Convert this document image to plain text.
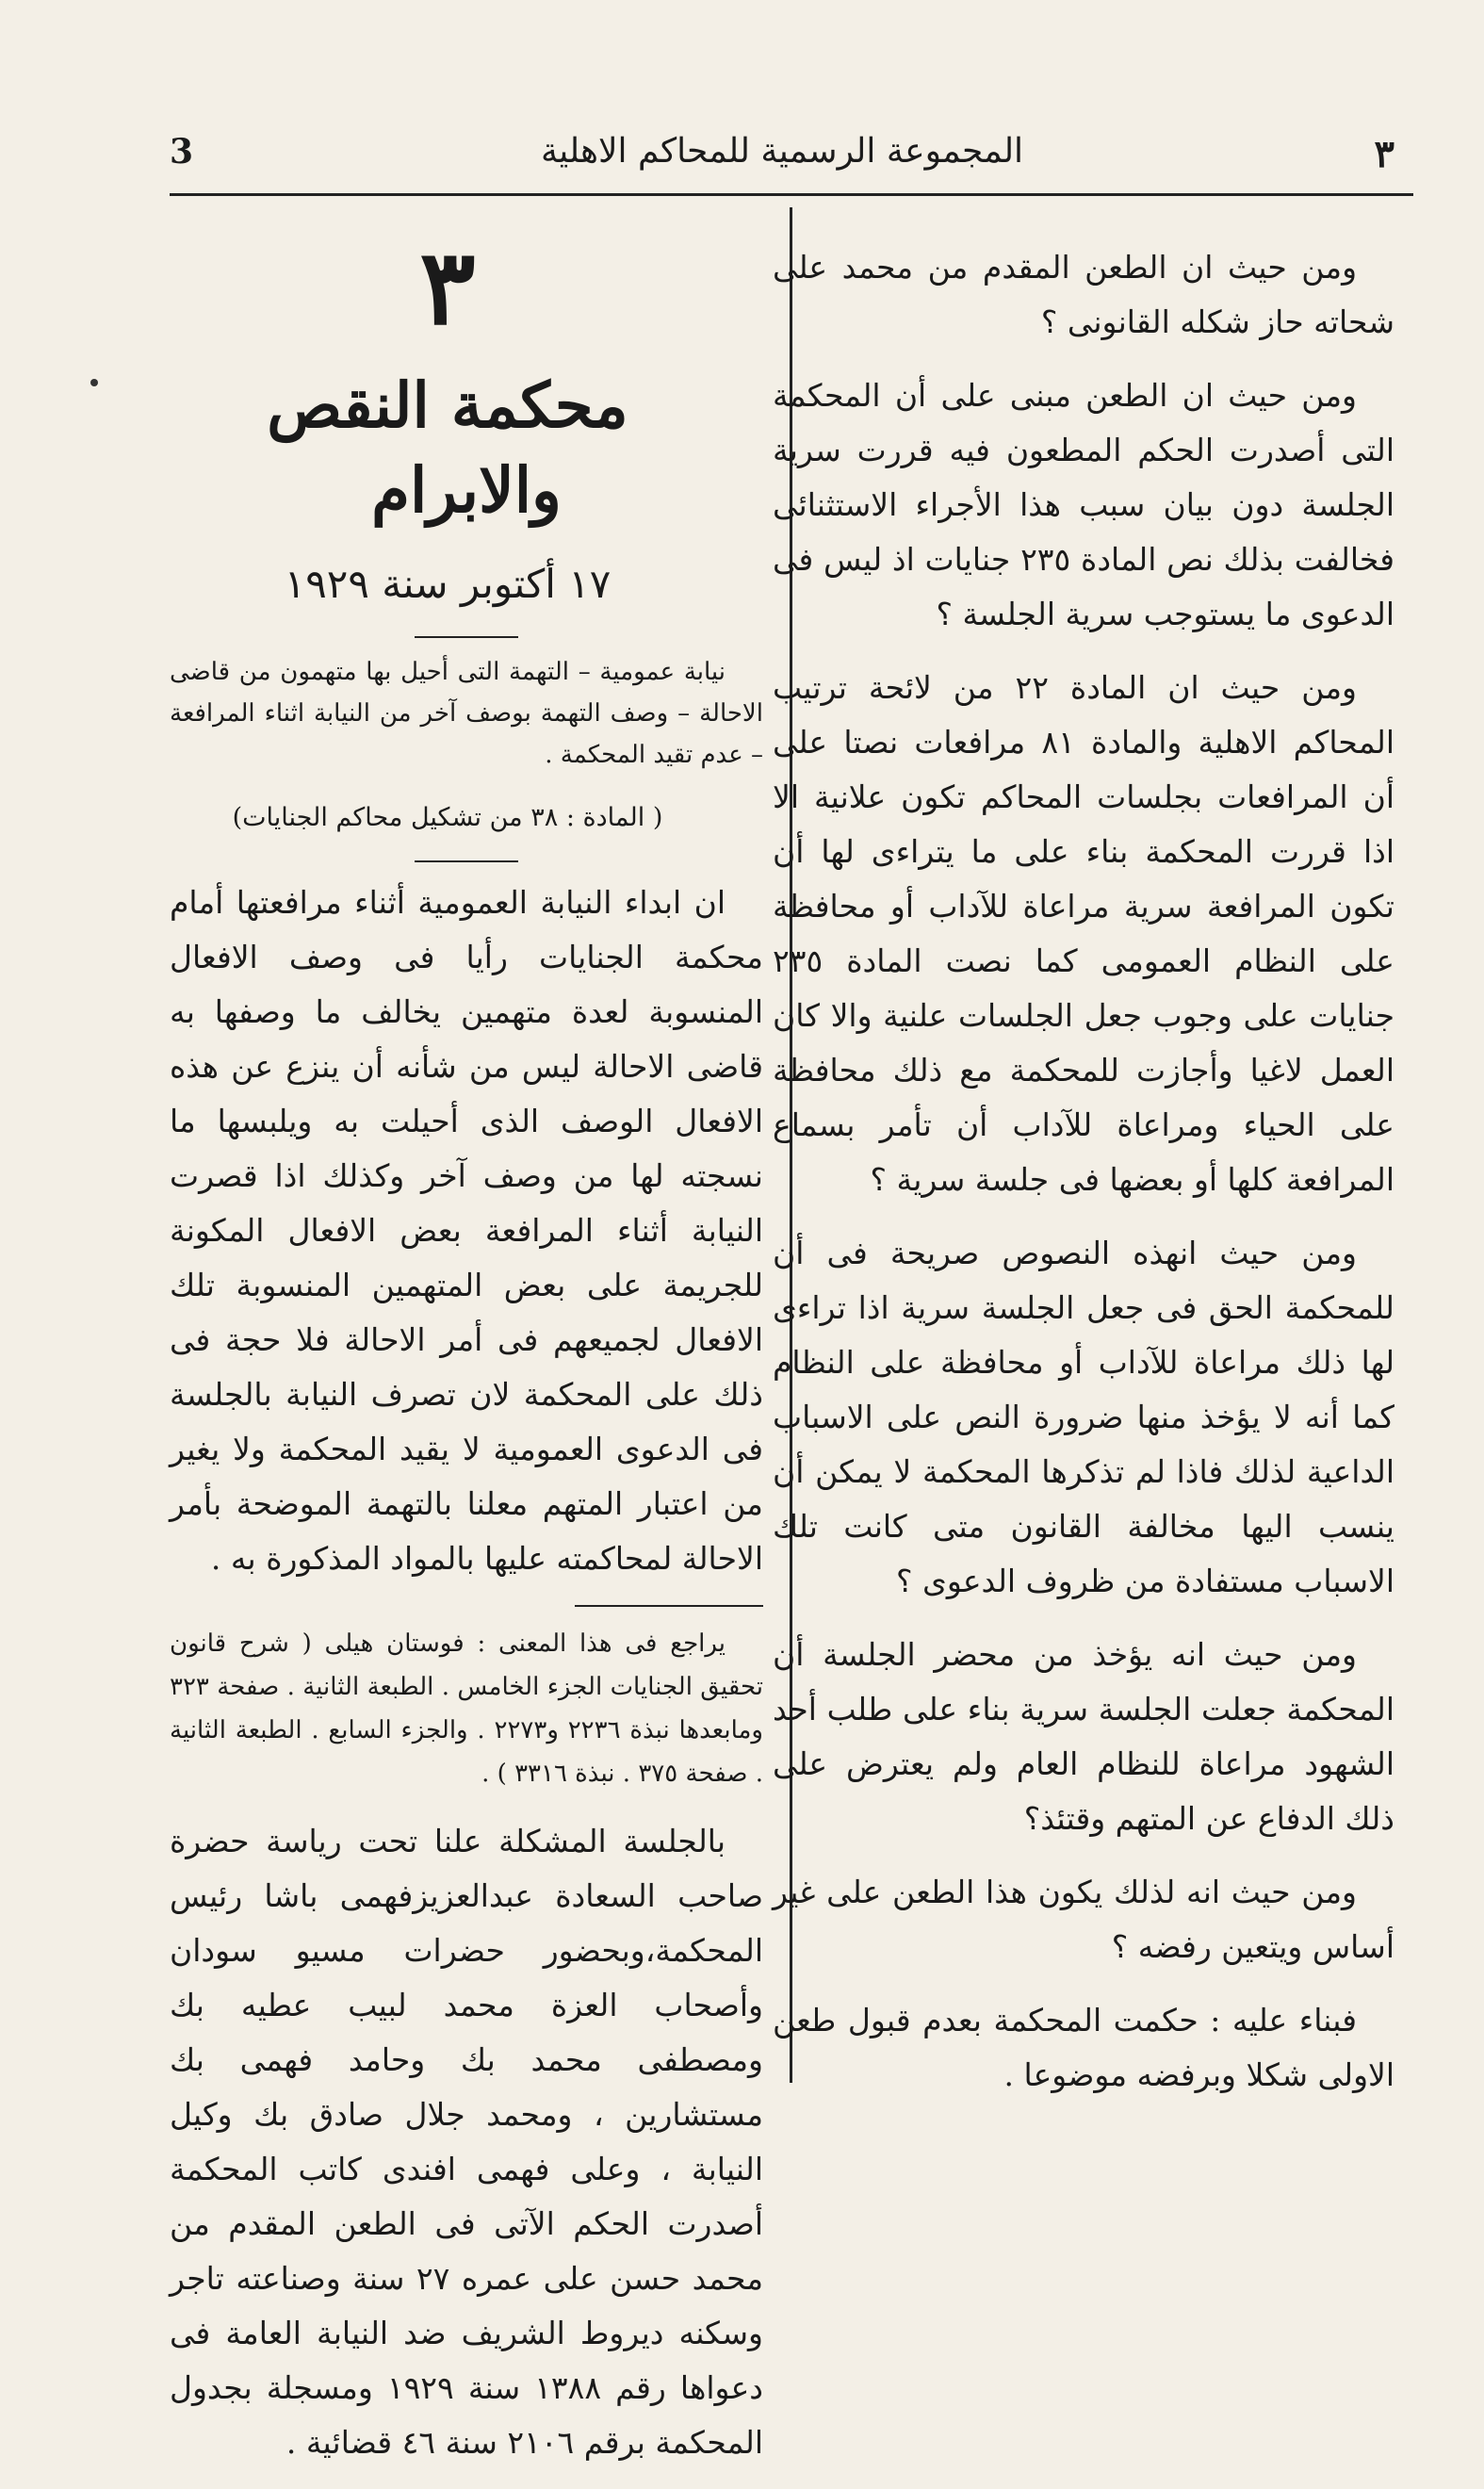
٣
المجموعة الرسمية للمحاكم الاهلية
3

ومن حيث ان الطعن المقدم من محمد على شحاته حاز شكله القانونى ؟

ومن حيث ان الطعن مبنى على أن المحكمة التى أصدرت الحكم المطعون فيه قررت سرية الجلسة دون بيان سبب هذا الأجراء الاستثنائى فخالفت بذلك نص المادة ٢٣٥ جنايات اذ ليس فى الدعوى ما يستوجب سرية الجلسة ؟

ومن حيث ان المادة ٢٢ من لائحة ترتيب المحاكم الاهلية والمادة ٨١ مرافعات نصتا على أن المرافعات بجلسات المحاكم تكون علانية الا اذا قررت المحكمة بناء على ما يتراءى لها أن تكون المرافعة سرية مراعاة للآداب أو محافظة على النظام العمومى كما نصت المادة ٢٣٥ جنايات على وجوب جعل الجلسات علنية والا كان العمل لاغيا وأجازت للمحكمة مع ذلك محافظة على الحياء ومراعاة للآداب أن تأمر بسماع المرافعة كلها أو بعضها فى جلسة سرية ؟

ومن حيث انهذه النصوص صريحة فى أن للمحكمة الحق فى جعل الجلسة سرية اذا تراءى لها ذلك مراعاة للآداب أو محافظة على النظام كما أنه لا يؤخذ منها ضرورة النص على الاسباب الداعية لذلك فاذا لم تذكرها المحكمة لا يمكن أن ينسب اليها مخالفة القانون متى كانت تلك الاسباب مستفادة من ظروف الدعوى ؟

ومن حيث انه يؤخذ من محضر الجلسة أن المحكمة جعلت الجلسة سرية بناء على طلب أحد الشهود مراعاة للنظام العام ولم يعترض على ذلك الدفاع عن المتهم وقتئذ؟

ومن حيث انه لذلك يكون هذا الطعن على غير أساس ويتعين رفضه ؟

فبناء عليه : حكمت المحكمة بعدم قبول طعن الاولى شكلا وبرفضه موضوعا .

٣

محكمة النقص والابرام

١٧ أكتوبر سنة ١٩٢٩

نيابة عمومية – التهمة التى أحيل بها متهمون من قاضى الاحالة – وصف التهمة بوصف آخر من النيابة اثناء المرافعة – عدم تقيد المحكمة .

( المادة : ٣٨ من تشكيل محاكم الجنايات)

ان ابداء النيابة العمومية أثناء مرافعتها أمام محكمة الجنايات رأيا فى وصف الافعال المنسوبة لعدة متهمين يخالف ما وصفها به قاضى الاحالة ليس من شأنه أن ينزع عن هذه الافعال الوصف الذى أحيلت به ويلبسها ما نسجته لها من وصف آخر وكذلك اذا قصرت النيابة أثناء المرافعة بعض الافعال المكونة للجريمة على بعض المتهمين المنسوبة تلك الافعال لجميعهم فى أمر الاحالة فلا حجة فى ذلك على المحكمة لان تصرف النيابة بالجلسة فى الدعوى العمومية لا يقيد المحكمة ولا يغير من اعتبار المتهم معلنا بالتهمة الموضحة بأمر الاحالة لمحاكمته عليها بالمواد المذكورة به .

يراجع فى هذا المعنى : فوستان هيلى ( شرح قانون تحقيق الجنايات الجزء الخامس . الطبعة الثانية . صفحة ٣٢٣ ومابعدها نبذة ٢٢٣٦ و٢٢٧٣ . والجزء السابع . الطبعة الثانية . صفحة ٣٧٥ . نبذة ٣٣١٦ ) .

بالجلسة المشكلة علنا تحت رياسة حضرة صاحب السعادة عبدالعزيزفهمى باشا رئيس المحكمة،وبحضور حضرات مسيو سودان وأصحاب العزة محمد لبيب عطيه بك ومصطفى محمد بك وحامد فهمى بك مستشارين ، ومحمد جلال صادق بك وكيل النيابة ، وعلى فهمى افندى كاتب المحكمة أصدرت الحكم الآتى فى الطعن المقدم من محمد حسن على عمره ٢٧ سنة وصناعته تاجر وسكنه ديروط الشريف ضد النيابة العامة فى دعواها رقم ١٣٨٨ سنة ١٩٢٩ ومسجلة بجدول المحكمة برقم ٢١٠٦ سنة ٤٦ قضائية .
